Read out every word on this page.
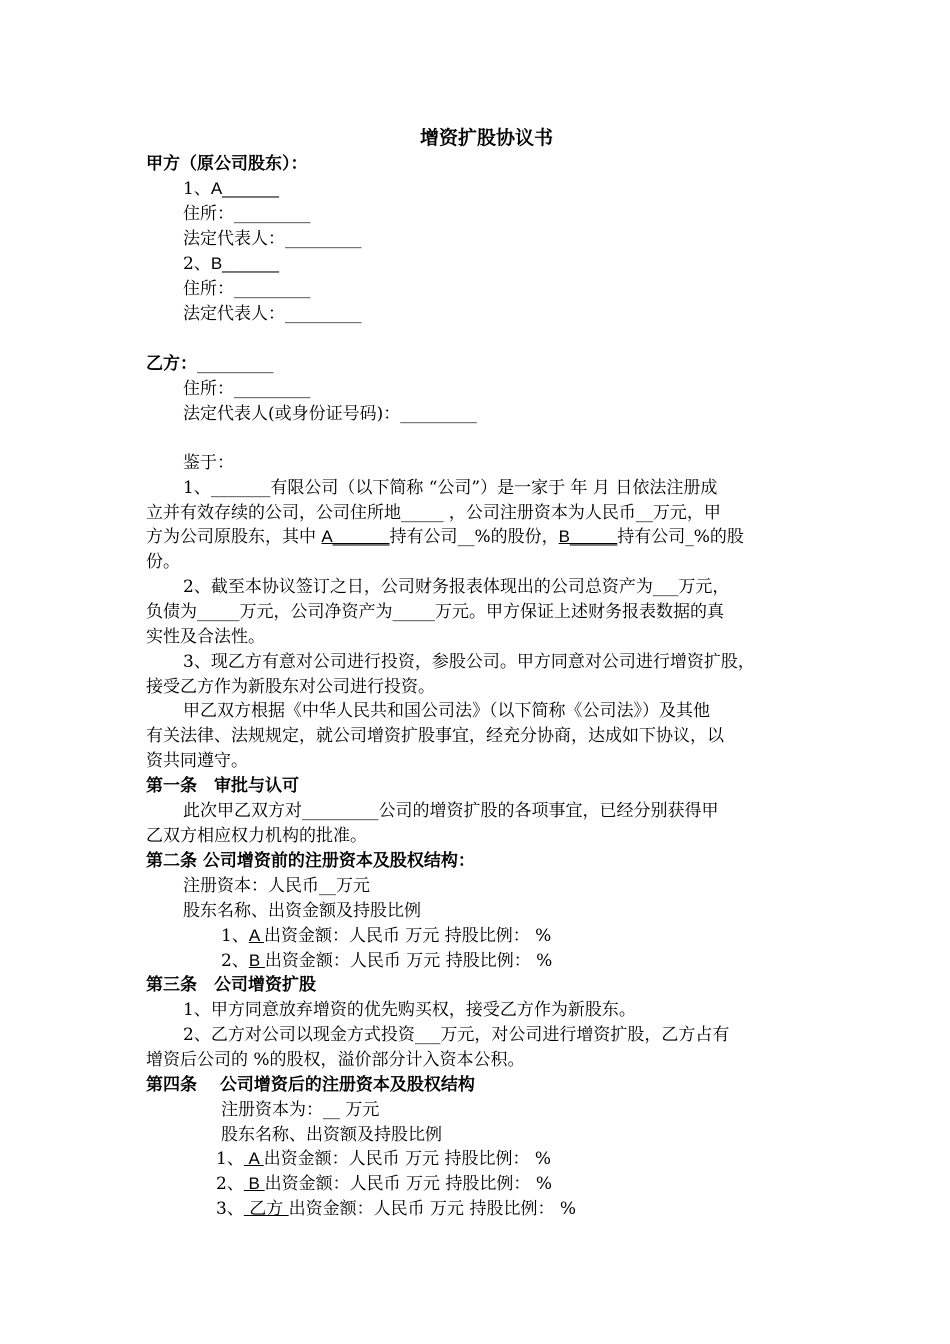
增资扩股协议书
甲方（原公司股东）：
1、A______
住所：_________
法定代表人：_________
2、B______
住所：_________
法定代表人：_________
乙方：_________
住所：_________
法定代表人(或身份证号码)：_________
鉴于：
1、_______有限公司（以下简称 “公司”）是一家于 年 月 日依法注册成
立并有效存续的公司，公司住所地_____ ，公司注册资本为人民币__万元，甲
方为公司原股东，其中 A______持有公司__%的股份，B_____持有公司_%的股
份。
2、截至本协议签订之日，公司财务报表体现出的公司总资产为___万元，
负债为_____万元，公司净资产为_____万元。甲方保证上述财务报表数据的真
实性及合法性。
3、现乙方有意对公司进行投资，参股公司。甲方同意对公司进行增资扩股，
接受乙方作为新股东对公司进行投资。
甲乙双方根据《中华人民共和国公司法》（以下简称《公司法》）及其他
有关法律、法规规定，就公司增资扩股事宜，经充分协商，达成如下协议，以
资共同遵守。
第一条　审批与认可
此次甲乙双方对_________公司的增资扩股的各项事宜，已经分别获得甲
乙双方相应权力机构的批准。
第二条 公司增资前的注册资本及股权结构：
注册资本：人民币__万元
股东名称、出资金额及持股比例
1、A 出资金额：人民币 万元 持股比例： %
2、B 出资金额：人民币 万元 持股比例： %
第三条　公司增资扩股
1、甲方同意放弃增资的优先购买权，接受乙方作为新股东。
2、乙方对公司以现金方式投资___万元，对公司进行增资扩股，乙方占有
增资后公司的 %的股权，溢价部分计入资本公积。
第四条　 公司增资后的注册资本及股权结构
注册资本为：__ 万元
股东名称、出资额及持股比例
1、 A 出资金额：人民币 万元 持股比例： %
2、 B 出资金额：人民币 万元 持股比例： %
3、 乙方 出资金额：人民币 万元 持股比例： %
